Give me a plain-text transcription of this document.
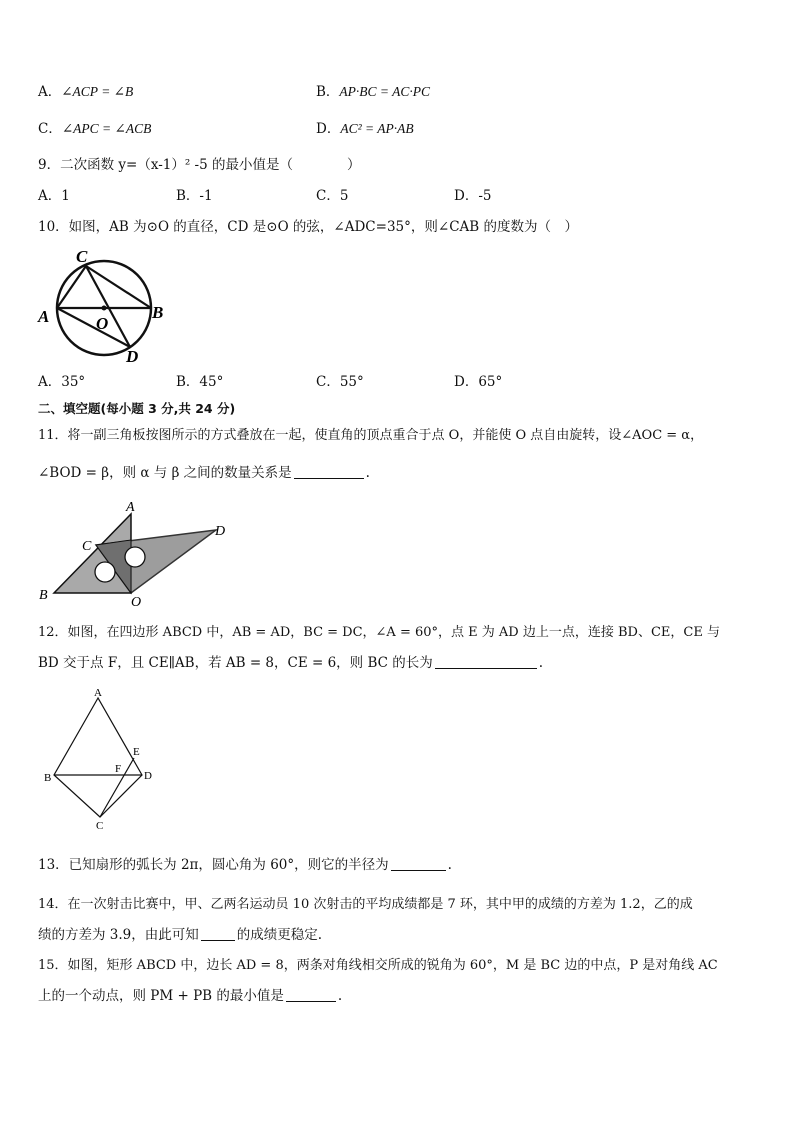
A．∠ACP = ∠B	B．AP·BC = AC·PC
C．∠APC = ∠ACB	D．AC² = AP·AB
9．二次函数 y=（x-1）² -5 的最小值是（　　　　）
A．1	B．-1	C．5	D．-5
10．如图，AB 为⊙O 的直径，CD 是⊙O 的弦，∠ADC=35°，则∠CAB 的度数为（　）
C
A	B
O
D
A．35°	B．45°	C．55°	D．65°
二、填空题(每小题 3 分,共 24 分)
11．将一副三角板按图所示的方式叠放在一起，使直角的顶点重合于点 O，并能使 O 点自由旋转，设∠AOC = α，
∠BOD = β，则 α 与 β 之间的数量关系是	.
A
D
C
B	O
12．如图，在四边形 ABCD 中，AB = AD，BC = DC，∠A = 60°，点 E 为 AD 边上一点，连接 BD、CE，CE 与
BD 交于点 F，且 CE∥AB，若 AB = 8，CE = 6，则 BC 的长为	.
A
E
F
B	D
C
13．已知扇形的弧长为 2π，圆心角为 60°，则它的半径为	.
14．在一次射击比赛中，甲、乙两名运动员 10 次射击的平均成绩都是 7 环，其中甲的成绩的方差为 1.2，乙的成
绩的方差为 3.9，由此可知	的成绩更稳定.
15．如图，矩形 ABCD 中，边长 AD = 8，两条对角线相交所成的锐角为 60°，M 是 BC 边的中点，P 是对角线 AC
上的一个动点，则 PM + PB 的最小值是	.
